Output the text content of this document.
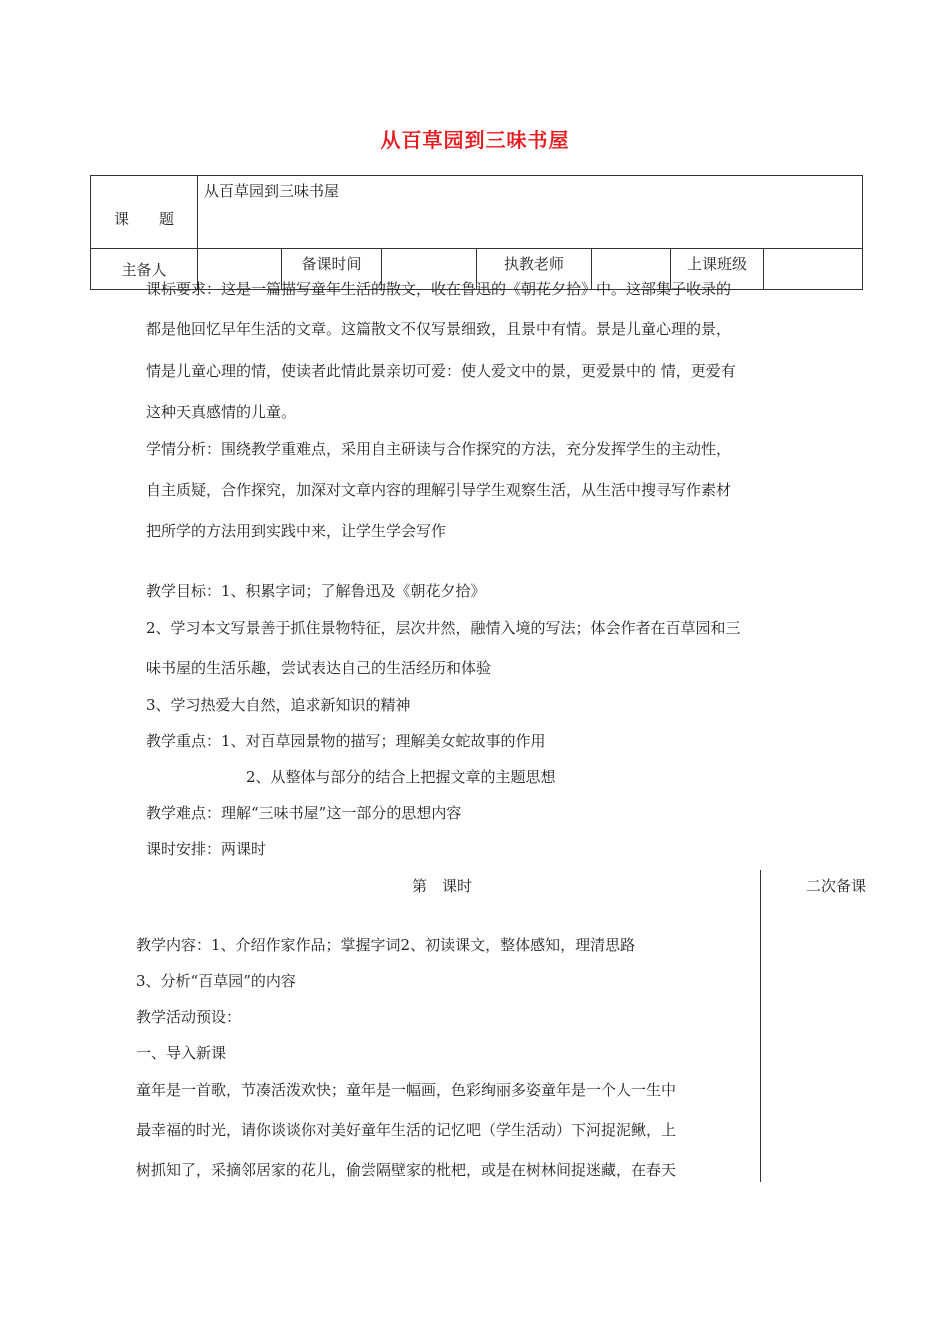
从百草园到三味书屋
课　　题	从百草园到三味书屋						
主备人		备课时间		执教老师		上课班级	
课标要求：这是一篇描写童年生活的散文，收在鲁迅的《朝花夕拾》中。这部集子收录的
都是他回忆早年生活的文章。这篇散文不仅写景细致，且景中有情。景是儿童心理的景，
情是儿童心理的情，使读者此情此景亲切可爱：使人爱文中的景，更爱景中的 情，更爱有
这种天真感情的儿童。
学情分析：围绕教学重难点，采用自主研读与合作探究的方法，充分发挥学生的主动性，
自主质疑，合作探究，加深对文章内容的理解引导学生观察生活，从生活中搜寻写作素材
把所学的方法用到实践中来，让学生学会写作
教学目标：1、积累字词；了解鲁迅及《朝花夕拾》
2、学习本文写景善于抓住景物特征，层次井然，融情入境的写法；体会作者在百草园和三
味书屋的生活乐趣，尝试表达自己的生活经历和体验
3、学习热爱大自然，追求新知识的精神
教学重点：1、对百草园景物的描写；理解美女蛇故事的作用
2、从整体与部分的结合上把握文章的主题思想
教学难点：理解“三味书屋”这一部分的思想内容
课时安排：两课时
第　课时	二次备课
教学内容：1、介绍作家作品；掌握字词2、初读课文，整体感知，理清思路
3、分析“百草园”的内容
教学活动预设：
一、导入新课
童年是一首歌，节凑活泼欢快；童年是一幅画，色彩绚丽多姿童年是一个人一生中
最幸福的时光，请你谈谈你对美好童年生活的记忆吧（学生活动）下河捉泥鳅，上
树抓知了，采摘邻居家的花儿，偷尝隔壁家的枇杷，或是在树林间捉迷藏，在春天
